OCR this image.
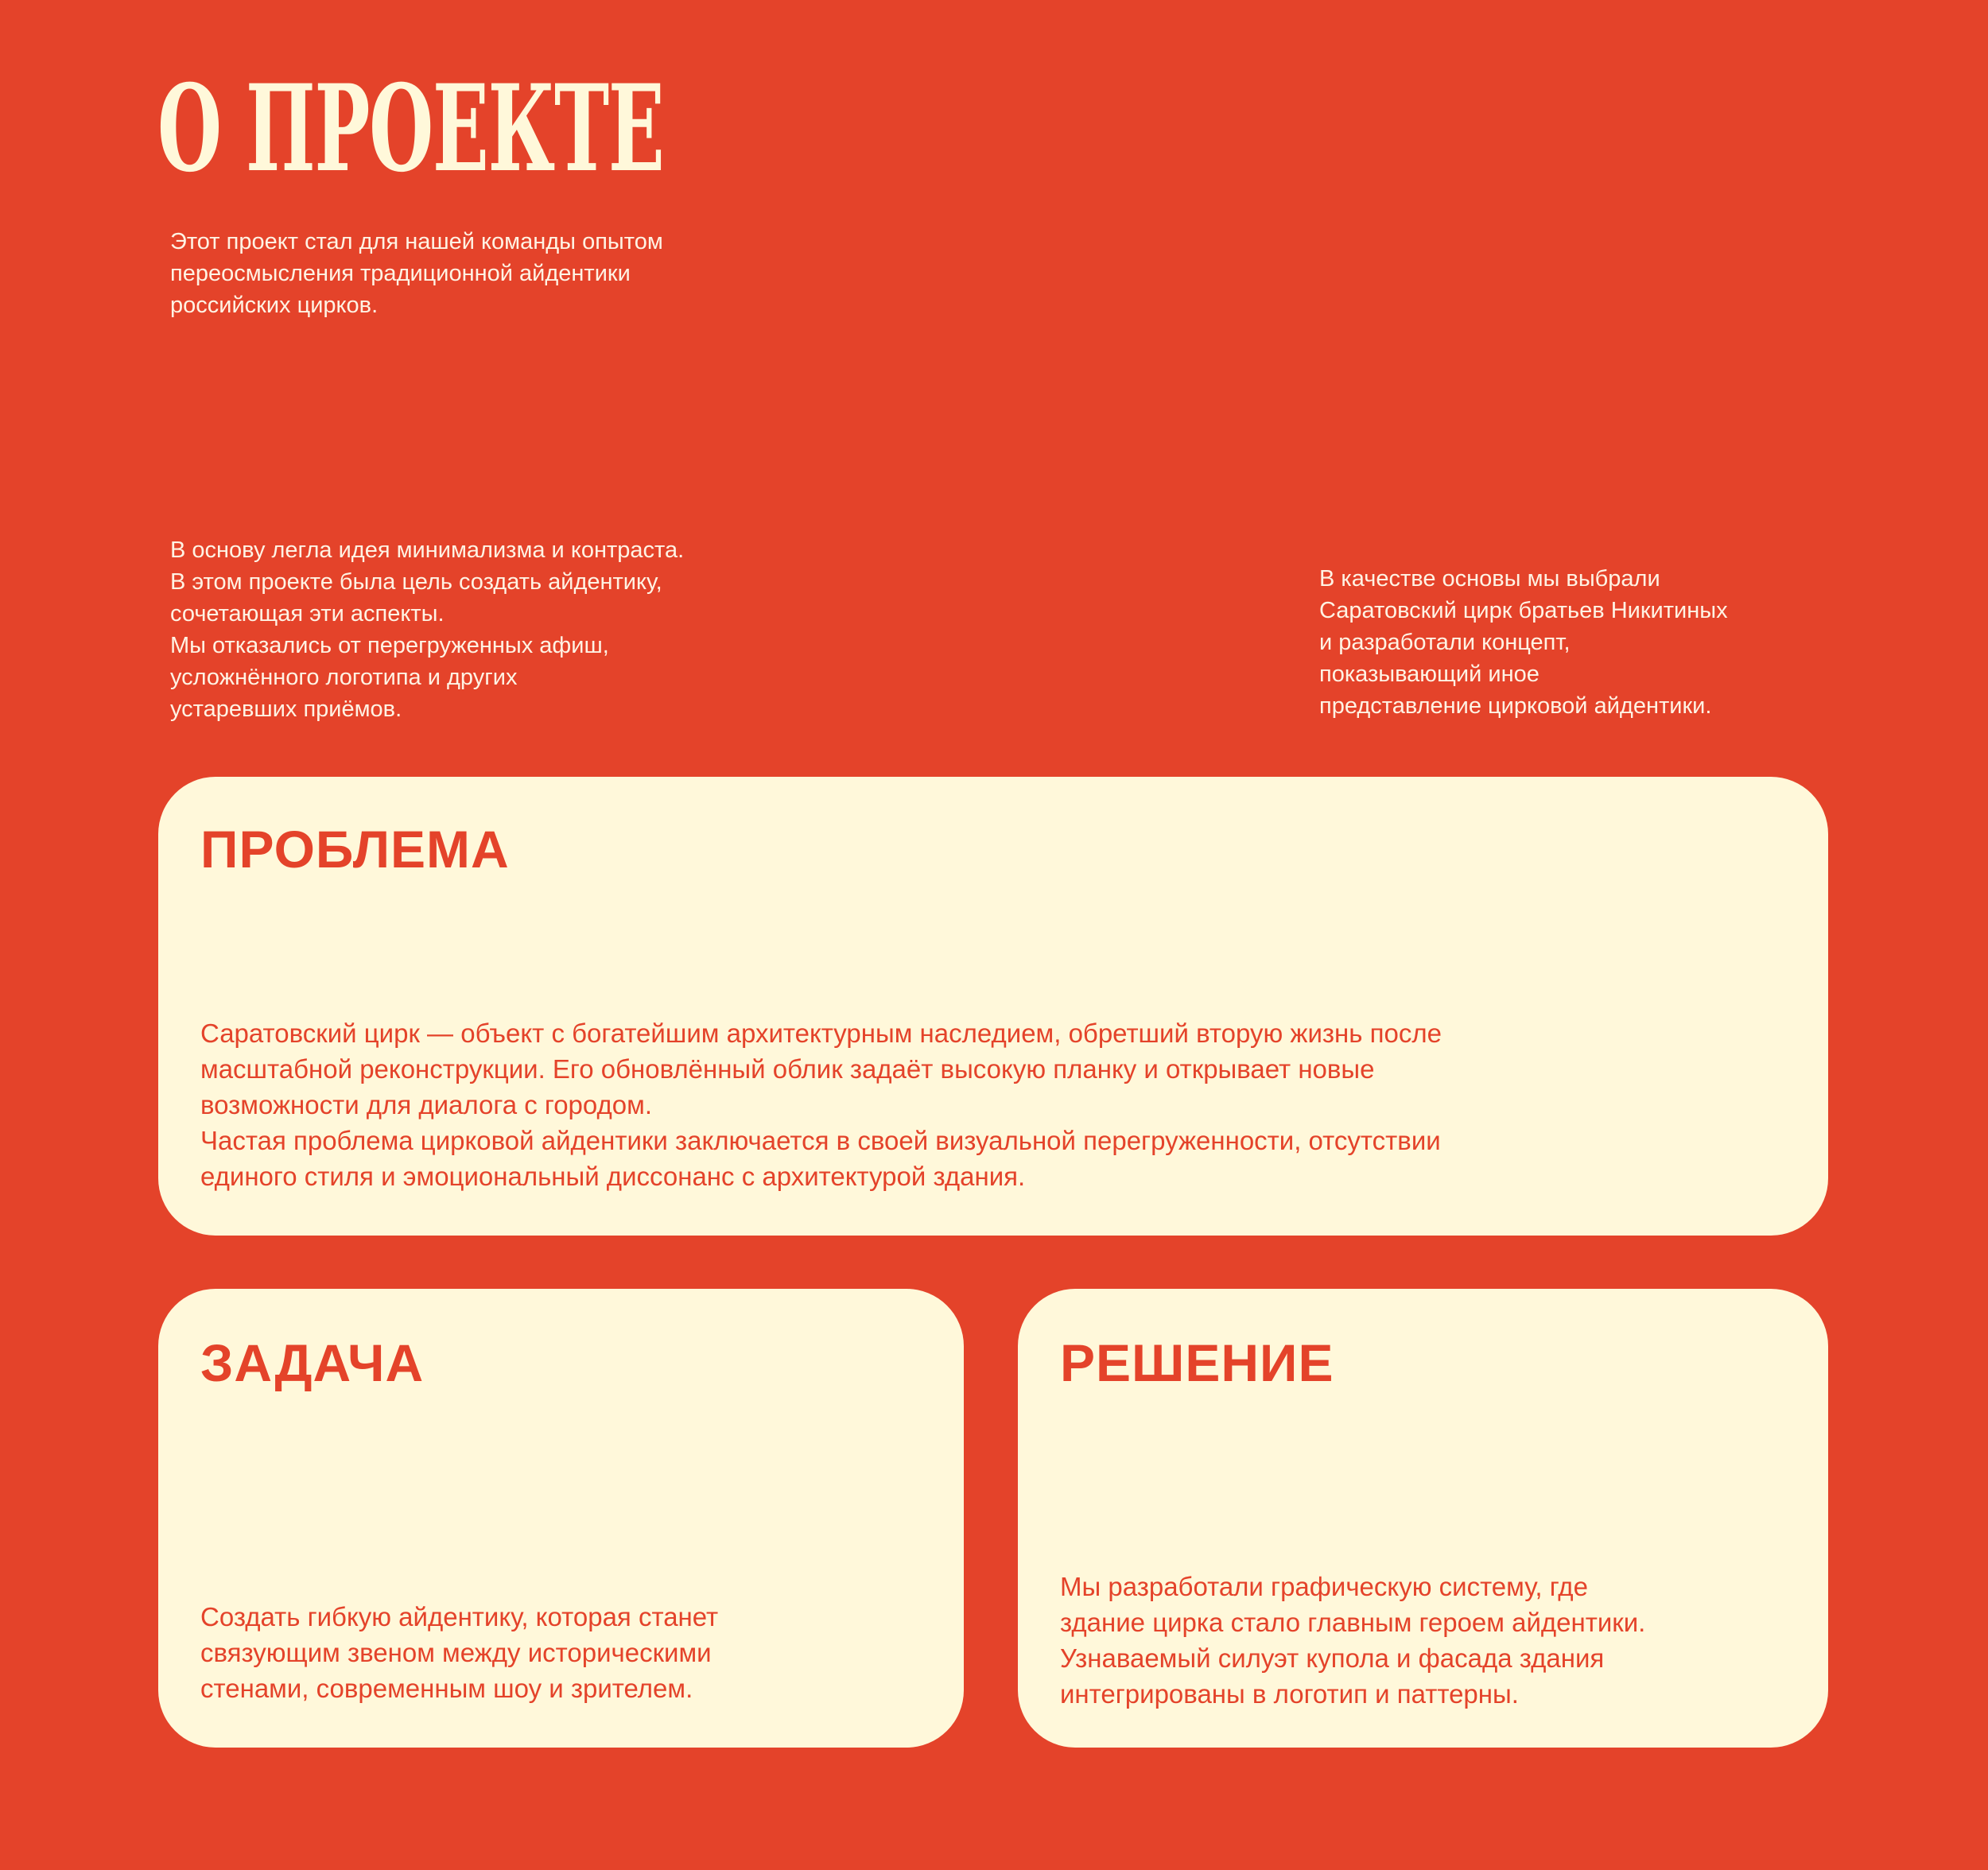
О ПРОЕКТЕ

Этот проект стал для нашей команды опытом
переосмысления традиционной айдентики
российских цирков.

В основу легла идея минимализма и контраста.
В этом проекте была цель создать айдентику,
сочетающая эти аспекты.
Мы отказались от перегруженных афиш,
усложнённого логотипа и других
устаревших приёмов.

В качестве основы мы выбрали
Саратовский цирк братьев Никитиных
и разработали концепт,
показывающий иное
представление цирковой айдентики.

ПРОБЛЕМА

Саратовский цирк — объект с богатейшим архитектурным наследием, обретший вторую жизнь после
масштабной реконструкции. Его обновлённый облик задаёт высокую планку и открывает новые
возможности для диалога с городом.
Частая проблема цирковой айдентики заключается в своей визуальной перегруженности, отсутствии
единого стиля и эмоциональный диссонанс с архитектурой здания.

ЗАДАЧА

Создать гибкую айдентику, которая станет
связующим звеном между историческими
стенами, современным шоу и зрителем.

РЕШЕНИЕ

Мы разработали графическую систему, где
здание цирка стало главным героем айдентики.
Узнаваемый силуэт купола и фасада здания
интегрированы в логотип и паттерны.
